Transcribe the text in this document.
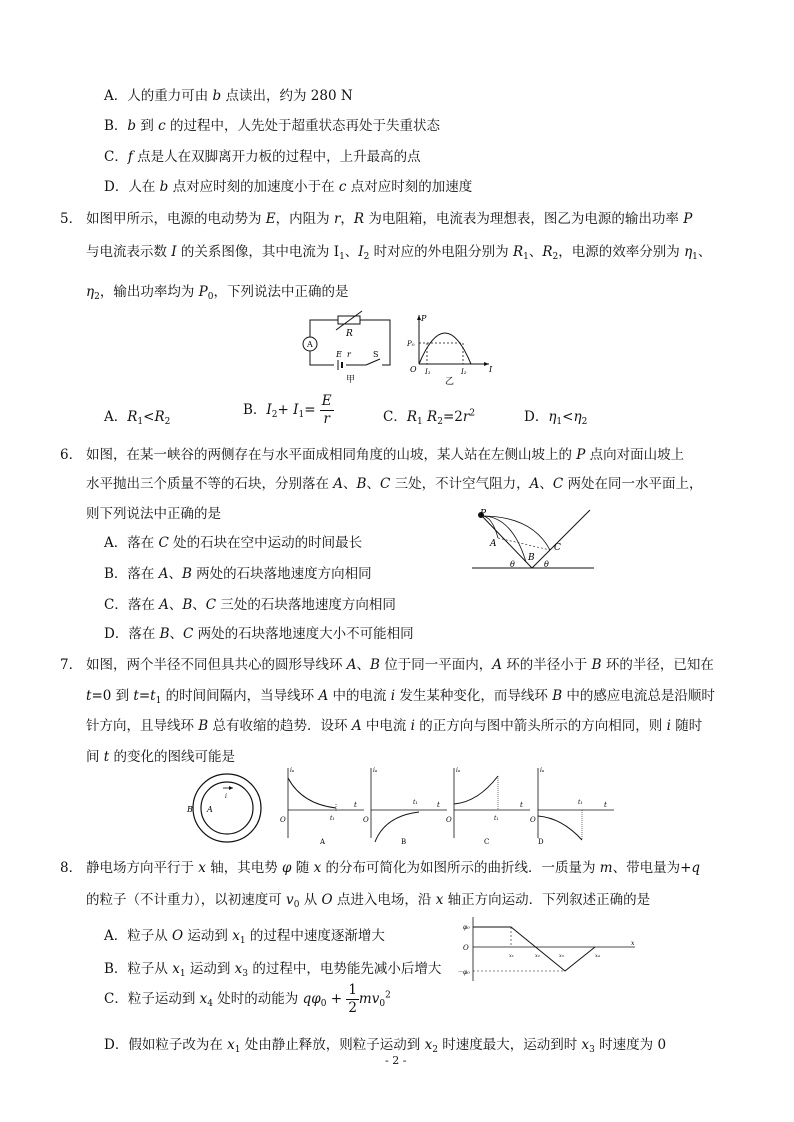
A．人的重力可由 b 点读出，约为 280 N
B．b 到 c 的过程中，人先处于超重状态再处于失重状态
C．f 点是人在双脚离开力板的过程中，上升最高的点
D．人在 b 点对应时刻的加速度小于在 c 点对应时刻的加速度
5． 如图甲所示，电源的电动势为 E，内阻为 r，R 为电阻箱，电流表为理想表，图乙为电源的输出功率 P
与电流表示数 I 的关系图像，其中电流为 $I_1$、$I_2$ 时对应的外电阻分别为 $R_1$、$R_2$，电源的效率分别为 $\eta_1$、
$\eta_2$，输出功率均为 $P_0$，下列说法中正确的是
R
A
E r	S
甲
P
P₀
O I₁	I₂	I
乙
A．$R_1<R_2$
B．$I_2+ I_1= \frac{E}{r}$	C．$R_1$ $R_2=2r^2$	D．$\eta_1<\eta_2$
6． 如图，在某一峡谷的两侧存在与水平面成相同角度的山坡，某人站在左侧山坡上的 P 点向对面山坡上
水平抛出三个质量不等的石块，分别落在 A、B、C 三处，不计空气阻力，A、C 两处在同一水平面上，
则下列说法中正确的是	P
A
B
C
θ	θ
A．落在 C 处的石块在空中运动的时间最长
B．落在 A、B 两处的石块落地速度方向相同
C．落在 A、B、C 三处的石块落地速度方向相同
D．落在 B、C 两处的石块落地速度大小不可能相同
7． 如图，两个半径不同但具共心的圆形导线环 A、B 位于同一平面内，A 环的半径小于 B 环的半径，已知在
t=0 到 $t=t_1$ 的时间间隔内，当导线环 A 中的电流 i 发生某种变化，而导线环 B 中的感应电流总是沿顺时
针方向，且导线环 B 总有收缩的趋势．设环 A 中电流 i 的正方向与图中箭头所示的方向相同，则 i 随时
间 t 的变化的图线可能是
B A
i
iₐ
O
t
t₁
A
iₐ
O
t
t₁
B
iₐ
O
t
t₁
C
iₐ
O
t
t₁
D
8． 静电场方向平行于 x 轴，其电势 φ 随 x 的分布可简化为如图所示的曲折线．一质量为 m、带电量为+q
的粒子（不计重力），以初速度可 $v_0$ 从 O 点进入电场，沿 x 轴正方向运动．下列叙述正确的是
φ₀
O
－φ₀
x₁	x₂	x₃	x₄
x
A．粒子从 O 运动到 $x_1$ 的过程中速度逐渐增大
B．粒子从 $x_1$ 运动到 $x_3$ 的过程中，电势能先减小后增大
C．粒子运动到 $x_4$ 处时的动能为 $q\varphi_0 + \frac{1}{2} mv_0^2$
D．假如粒子改为在 $x_1$ 处由静止释放，则粒子运动到 $x_2$ 时速度最大，运动到时 $x_3$ 时速度为 0
- 2 -
